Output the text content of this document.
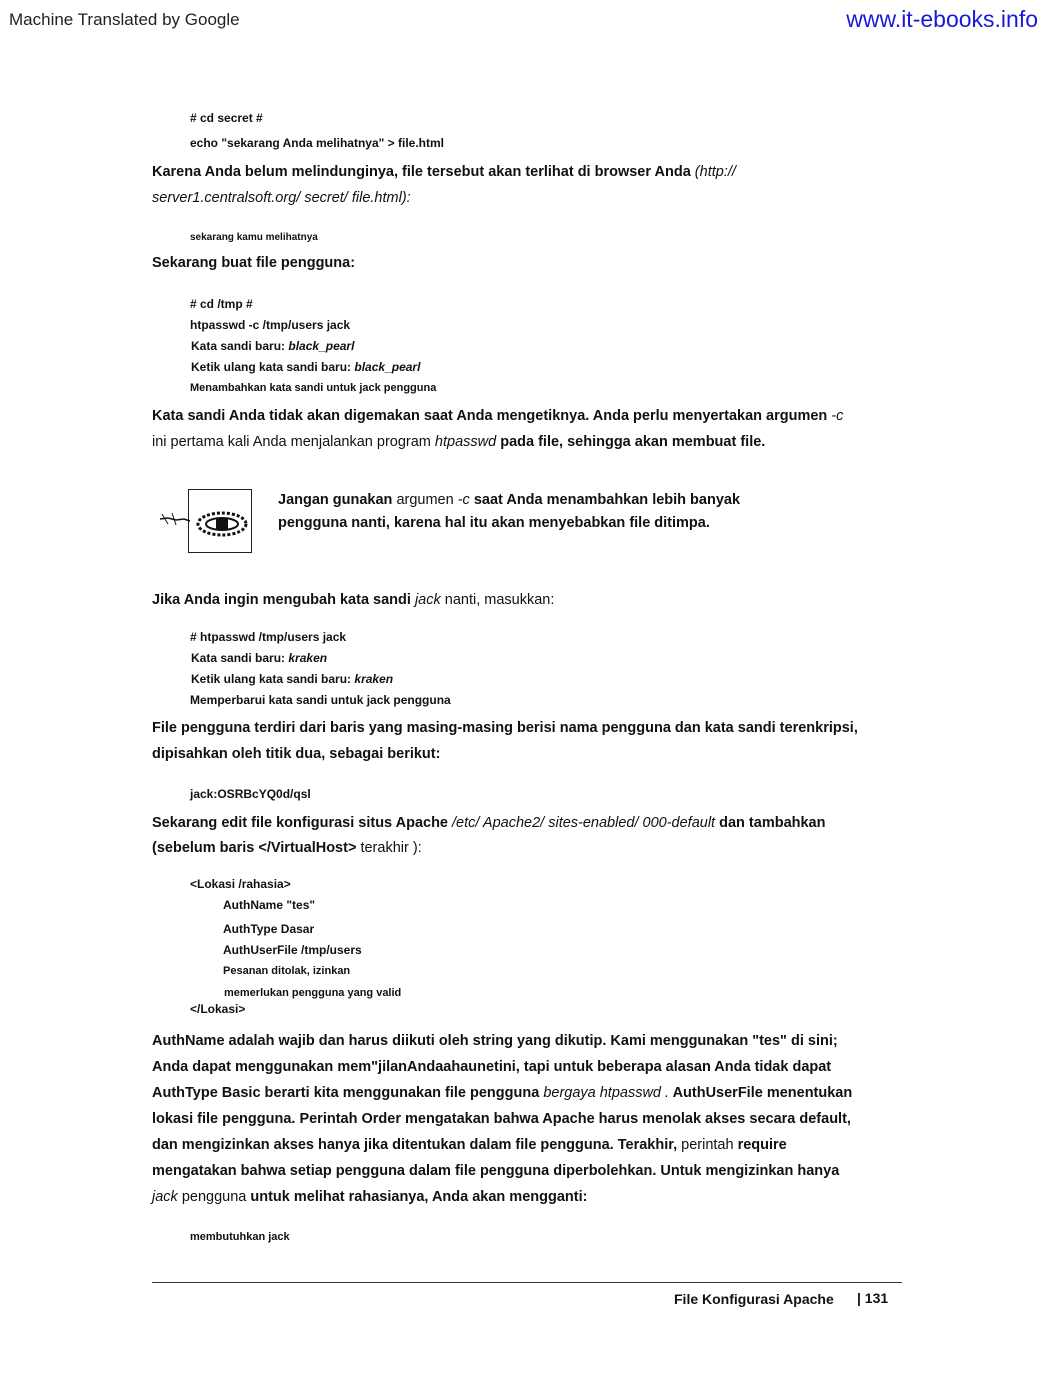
Machine Translated by Google	www.it-ebooks.info
# cd secret #
echo "sekarang Anda melihatnya" > file.html
Karena Anda belum melindunginya, file tersebut akan terlihat di browser Anda (http://
server1.centralsoft.org/ secret/ file.html):
sekarang kamu melihatnya
Sekarang buat file pengguna:
# cd /tmp #
htpasswd -c /tmp/users jack
Kata sandi baru: black_pearl
Ketik ulang kata sandi baru: black_pearl
Menambahkan kata sandi untuk jack pengguna
Kata sandi Anda tidak akan digemakan saat Anda mengetiknya. Anda perlu menyertakan argumen -c
ini pertama kali Anda menjalankan program htpasswd pada file, sehingga akan membuat file.
Jangan gunakan argumen -c saat Anda menambahkan lebih banyak
pengguna nanti, karena hal itu akan menyebabkan file ditimpa.
Jika Anda ingin mengubah kata sandi jack nanti, masukkan:
# htpasswd /tmp/users jack
Kata sandi baru: kraken
Ketik ulang kata sandi baru: kraken
Memperbarui kata sandi untuk jack pengguna
File pengguna terdiri dari baris yang masing-masing berisi nama pengguna dan kata sandi terenkripsi,
dipisahkan oleh titik dua, sebagai berikut:
jack:OSRBcYQ0d/qsl
Sekarang edit file konfigurasi situs Apache /etc/ Apache2/ sites-enabled/ 000-default dan tambahkan
(sebelum baris </VirtualHost> terakhir ):
<Lokasi /rahasia>
AuthName "tes"
AuthType Dasar
AuthUserFile /tmp/users
Pesanan ditolak, izinkan
memerlukan pengguna yang valid
</Lokasi>
AuthName adalah wajib dan harus diikuti oleh string yang dikutip. Kami menggunakan "tes" di sini;
Anda dapat menggunakan mem"jilanAndaahaunetini, tapi untuk beberapa alasan Anda tidak dapat
AuthType Basic berarti kita menggunakan file pengguna bergaya htpasswd . AuthUserFile menentukan
lokasi file pengguna. Perintah Order mengatakan bahwa Apache harus menolak akses secara default,
dan mengizinkan akses hanya jika ditentukan dalam file pengguna. Terakhir, perintah require
mengatakan bahwa setiap pengguna dalam file pengguna diperbolehkan. Untuk mengizinkan hanya
jack pengguna untuk melihat rahasianya, Anda akan mengganti:
membutuhkan jack
File Konfigurasi Apache | 131
